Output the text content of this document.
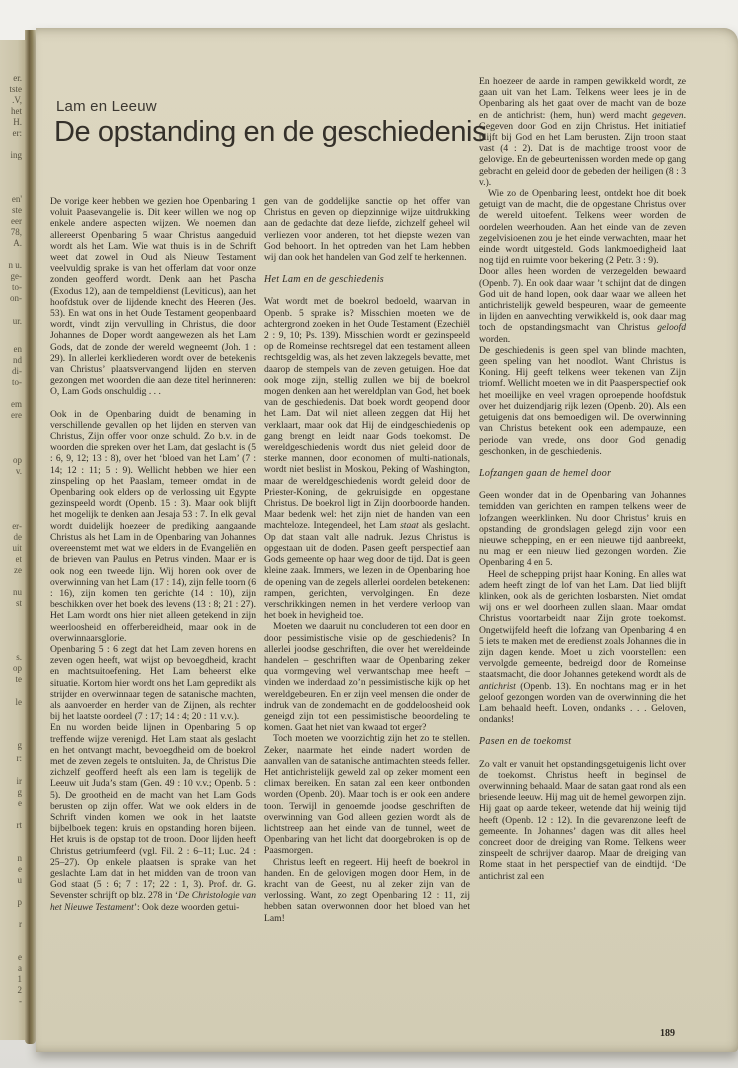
er.
tste
.V,
het
H.
er:
ing
en'
ste
eer
78,
A.
n u.
ge-
to-
on-
ur.
en
nd
di-
to-
em
ere
op
v.
er-
de
uit
et
ze
nu
st
s.
op
te
le
g
r:
ir
g
e
rt
n
e
u
p
r
e
a
1
2
-
Lam en Leeuw
De opstanding en de geschiedenis

De vorige keer hebben we gezien hoe Openbaring 1 voluit Paasevangelie is. Dit keer willen we nog op enkele andere aspecten wijzen. We noemen dan allereerst Openbaring 5 waar Christus aangeduid wordt als het Lam. Wie wat thuis is in de Schrift weet dat zowel in Oud als Nieuw Testament veelvuldig sprake is van het offerlam dat voor onze zonden geofferd wordt. Denk aan het Pascha (Exodus 12), aan de tempeldienst (Leviticus), aan het hoofdstuk over de lijdende knecht des Heeren (Jes. 53). En wat ons in het Oude Testament geopenbaard wordt, vindt zijn vervulling in Christus, die door Johannes de Doper wordt aangewezen als het Lam Gods, dat de zonde der wereld wegneemt (Joh. 1 : 29). In allerlei kerkliederen wordt over de betekenis van Christus’ plaatsvervangend lijden en sterven gezongen met woorden die aan deze titel herinneren: O, Lam Gods onschuldig . . .

Ook in de Openbaring duidt de benaming in verschillende gevallen op het lijden en sterven van Christus, Zijn offer voor onze schuld. Zo b.v. in de woorden die spreken over het Lam, dat geslacht is (5 : 6, 9, 12; 13 : 8), over het ‘bloed van het Lam’ (7 : 14; 12 : 11; 5 : 9). Wellicht hebben we hier een zinspeling op het Paaslam, temeer omdat in de Openbaring ook elders op de verlossing uit Egypte gezinspeeld wordt (Openb. 15 : 3). Maar ook blijft het mogelijk te denken aan Jesaja 53 : 7. In elk geval wordt duidelijk hoezeer de prediking aangaande Christus als het Lam in de Openbaring van Johannes overeenstemt met wat we elders in de Evangeliën en de brieven van Paulus en Petrus vinden. Maar er is ook nog een tweede lijn. Wij horen ook over de overwinning van het Lam (17 : 14), zijn felle toorn (6 : 16), zijn komen ten gerichte (14 : 10), zijn beschikken over het boek des levens (13 : 8; 21 : 27). Het Lam wordt ons hier niet alleen getekend in zijn weerloosheid en offerbereidheid, maar ook in de overwinnaarsglorie.

Openbaring 5 : 6 zegt dat het Lam zeven horens en zeven ogen heeft, wat wijst op bevoegdheid, kracht en machtsuitoefening. Het Lam beheerst elke situatie. Kortom hier wordt ons het Lam gepredikt als strijder en overwinnaar tegen de satanische machten, als aanvoerder en herder van de Zijnen, als rechter bij het laatste oordeel (7 : 17; 14 : 4; 20 : 11 v.v.).

En nu worden beide lijnen in Openbaring 5 op treffende wijze verenigd. Het Lam staat als geslacht en het ontvangt macht, bevoegdheid om de boekrol met de zeven zegels te ontsluiten. Ja, de Christus Die zichzelf geofferd heeft als een lam is tegelijk de Leeuw uit Juda’s stam (Gen. 49 : 10 v.v.; Openb. 5 : 5). De grootheid en de macht van het Lam Gods berusten op zijn offer. Wat we ook elders in de Schrift vinden komen we ook in het laatste bijbelboek tegen: kruis en opstanding horen bijeen. Het kruis is de opstap tot de troon. Door lijden heeft Christus getriumfeerd (vgl. Fil. 2 : 6–11; Luc. 24 : 25–27). Op enkele plaatsen is sprake van het geslachte Lam dat in het midden van de troon van God staat (5 : 6; 7 : 17; 22 : 1, 3). Prof. dr. G. Sevenster schrijft op blz. 278 in ‘De Christologie van het Nieuwe Testament’: Ook deze woorden getui-

gen van de goddelijke sanctie op het offer van Christus en geven op diepzinnige wijze uitdrukking aan de gedachte dat deze liefde, zichzelf geheel wil verliezen voor anderen, tot het diepste wezen van God behoort. In het optreden van het Lam hebben wij dan ook het handelen van God zelf te herkennen.

Het Lam en de geschiedenis

Wat wordt met de boekrol bedoeld, waarvan in Openb. 5 sprake is? Misschien moeten we de achtergrond zoeken in het Oude Testament (Ezechiël 2 : 9, 10; Ps. 139). Misschien wordt er gezinspeeld op de Romeinse rechtsregel dat een testament alleen rechtsgeldig was, als het zeven lakzegels bevatte, met daarop de stempels van de zeven getuigen. Hoe dat ook moge zijn, stellig zullen we bij de boekrol mogen denken aan het wereldplan van God, het boek van de geschiedenis. Dat boek wordt geopend door het Lam. Dat wil niet alleen zeggen dat Hij het verklaart, maar ook dat Hij de eindgeschiedenis op gang brengt en leidt naar Gods toekomst. De wereldgeschiedenis wordt dus niet geleid door de sterke mannen, door economen of multi-nationals, wordt niet beslist in Moskou, Peking of Washington, maar de wereldgeschiedenis wordt geleid door de Priester-Koning, de gekruisigde en opgestane Christus. De boekrol ligt in Zijn doorboorde handen. Maar bedenk wel: het zijn niet de handen van een machteloze. Integendeel, het Lam staat als geslacht. Op dat staan valt alle nadruk. Jezus Christus is opgestaan uit de doden. Pasen geeft perspectief aan Gods gemeente op haar weg door de tijd. Dat is geen kleine zaak. Immers, we lezen in de Openbaring hoe de opening van de zegels allerlei oordelen betekenen: rampen, gerichten, vervolgingen. En deze verschrikkingen nemen in het verdere verloop van het boek in hevigheid toe.

Moeten we daaruit nu concluderen tot een door en door pessimistische visie op de geschiedenis? In allerlei joodse geschriften, die over het wereldeinde handelen – geschriften waar de Openbaring zeker qua vormgeving wel verwantschap mee heeft – vinden we inderdaad zo’n pessimistische kijk op het wereldgebeuren. En er zijn veel mensen die onder de indruk van de zondemacht en de goddeloosheid ook geneigd zijn tot een pessimistische beoordeling te komen. Gaat het niet van kwaad tot erger?

Toch moeten we voorzichtig zijn het zo te stellen. Zeker, naarmate het einde nadert worden de aanvallen van de satanische antimachten steeds feller. Het antichristelijk geweld zal op zeker moment een climax bereiken. En satan zal een keer ontbonden worden (Openb. 20). Maar toch is er ook een andere toon. Terwijl in genoemde joodse geschriften de overwinning van God alleen gezien wordt als de lichtstreep aan het einde van de tunnel, weet de Openbaring van het licht dat doorgebroken is op de Paasmorgen.

Christus leeft en regeert. Hij heeft de boekrol in handen. En de gelovigen mogen door Hem, in de kracht van de Geest, nu al zeker zijn van de verlossing. Want, zo zegt Openbaring 12 : 11, zij hebben satan overwonnen door het bloed van het Lam!

En hoezeer de aarde in rampen gewikkeld wordt, ze gaan uit van het Lam. Telkens weer lees je in de Openbaring als het gaat over de macht van de boze en de antichrist: (hem, hun) werd macht gegeven. Gegeven door God en zijn Christus. Het initiatief blijft bij God en het Lam berusten. Zijn troon staat vast (4 : 2). Dat is de machtige troost voor de gelovige. En de gebeurtenissen worden mede op gang gebracht en geleid door de gebeden der heiligen (8 : 3 v.).

Wie zo de Openbaring leest, ontdekt hoe dit boek getuigt van de macht, die de opgestane Christus over de wereld uitoefent. Telkens weer worden de oordelen weerhouden. Aan het einde van de zeven zegelvisioenen zou je het einde verwachten, maar het einde wordt uitgesteld. Gods lankmoedigheid laat nog tijd en ruimte voor bekering (2 Petr. 3 : 9).

Door alles heen worden de verzegelden bewaard (Openb. 7). En ook daar waar ’t schijnt dat de dingen God uit de hand lopen, ook daar waar we alleen het antichristelijk geweld bespeuren, waar de gemeente in lijden en aanvechting verwikkeld is, ook daar mag toch de opstandingsmacht van Christus geloofd worden.

De geschiedenis is geen spel van blinde machten, geen speling van het noodlot. Want Christus is Koning. Hij geeft telkens weer tekenen van Zijn triomf. Wellicht moeten we in dit Paasperspectief ook het moeilijke en veel vragen oproepende hoofdstuk over het duizendjarig rijk lezen (Openb. 20). Als een getuigenis dat ons bemoedigen wil. De overwinning van Christus betekent ook een adempauze, een periode van vrede, ons door God genadig geschonken, in de geschiedenis.

Lofzangen gaan de hemel door

Geen wonder dat in de Openbaring van Johannes temidden van gerichten en rampen telkens weer de lofzangen weerklinken. Nu door Christus’ kruis en opstanding de grondslagen gelegd zijn voor een nieuwe schepping, en er een nieuwe tijd aanbreekt, nu mag er een nieuw lied gezongen worden. Zie Openbaring 4 en 5.

Heel de schepping prijst haar Koning. En alles wat adem heeft zingt de lof van het Lam. Dat lied blijft klinken, ook als de gerichten losbarsten. Niet omdat wij ons er wel doorheen zullen slaan. Maar omdat Christus voortarbeidt naar Zijn grote toekomst. Ongetwijfeld heeft die lofzang van Openbaring 4 en 5 iets te maken met de eredienst zoals Johannes die in zijn dagen kende. Moet u zich voorstellen: een vervolgde gemeente, bedreigd door de Romeinse staatsmacht, die door Johannes getekend wordt als de antichrist (Openb. 13). En nochtans mag er in het geloof gezongen worden van de overwinning die het Lam behaald heeft. Loven, ondanks . . . Geloven, ondanks!

Pasen en de toekomst

Zo valt er vanuit het opstandingsgetuigenis licht over de toekomst. Christus heeft in beginsel de overwinning behaald. Maar de satan gaat rond als een briesende leeuw. Hij mag uit de hemel geworpen zijn. Hij gaat op aarde tekeer, wetende dat hij weinig tijd heeft (Openb. 12 : 12). In die gevarenzone leeft de gemeente. In Johannes’ dagen was dit alles heel concreet door de dreiging van Rome. Telkens weer zinspeelt de schrijver daarop. Maar de dreiging van Rome staat in het perspectief van de eindtijd. ‘De antichrist zal een

189
